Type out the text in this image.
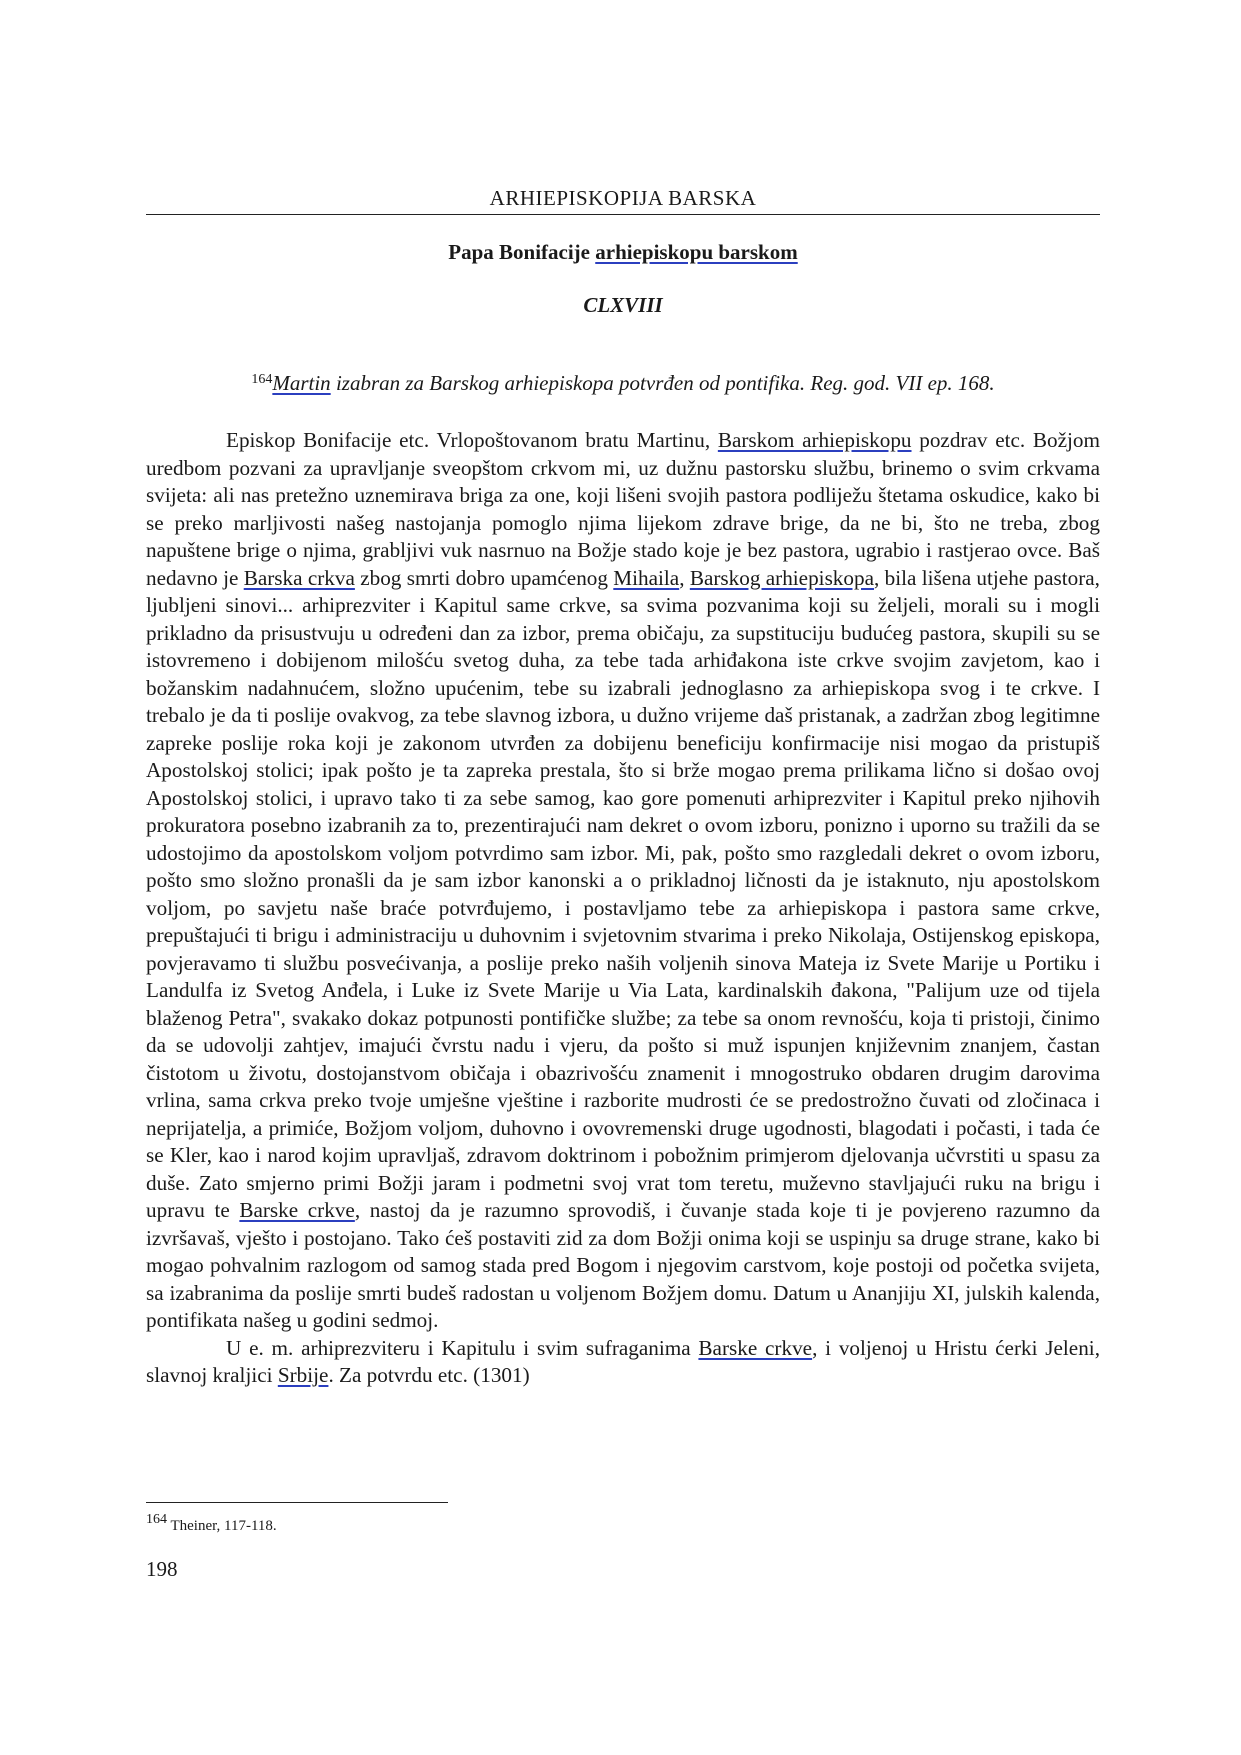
ARHIEPISKOPIJA BARSKA
Papa Bonifacije arhiepiskopu barskom
CLXVIII
$^{164}$Martin izabran za Barskog arhiepiskopa potvrđen od pontifika. Reg. god. VII ep. 168.

Episkop Bonifacije etc. Vrlopoštovanom bratu Martinu, Barskom arhiepiskopu pozdrav etc. Božjom uredbom pozvani za upravljanje sveopštom crkvom mi, uz dužnu pastorsku službu, brinemo o svim crkvama svijeta: ali nas pretežno uznemirava briga za one, koji lišeni svojih pastora podliježu štetama oskudice, kako bi se preko marljivosti našeg nastojanja pomoglo njima lijekom zdrave brige, da ne bi, što ne treba, zbog napuštene brige o njima, grabljivi vuk nasrnuo na Božje stado koje je bez pastora, ugrabio i rastjerao ovce. Baš nedavno je Barska crkva zbog smrti dobro upamćenog Mihaila, Barskog arhiepiskopa, bila lišena utjehe pastora, ljubljeni sinovi... arhiprezviter i Kapitul same crkve, sa svima pozvanima koji su željeli, morali su i mogli prikladno da prisustvuju u određeni dan za izbor, prema običaju, za supstituciju budućeg pastora, skupili su se istovremeno i dobijenom milošću svetog duha, za tebe tada arhiđakona iste crkve svojim zavjetom, kao i božanskim nadahnućem, složno upućenim, tebe su izabrali jednoglasno za arhiepiskopa svog i te crkve. I trebalo je da ti poslije ovakvog, za tebe slavnog izbora, u dužno vrijeme daš pristanak, a zadržan zbog legitimne zapreke poslije roka koji je zakonom utvrđen za dobijenu beneficiju konfirmacije nisi mogao da pristupiš Apostolskoj stolici; ipak pošto je ta zapreka prestala, što si brže mogao prema prilikama lično si došao ovoj Apostolskoj stolici, i upravo tako ti za sebe samog, kao gore pomenuti arhiprezviter i Kapitul preko njihovih prokuratora posebno izabranih za to, prezentirajući nam dekret o ovom izboru, ponizno i uporno su tražili da se udostojimo da apostolskom voljom potvrdimo sam izbor. Mi, pak, pošto smo razgledali dekret o ovom izboru, pošto smo složno pronašli da je sam izbor kanonski a o prikladnoj ličnosti da je istaknuto, nju apostolskom voljom, po savjetu naše braće potvrđujemo, i postavljamo tebe za arhiepiskopa i pastora same crkve, prepuštajući ti brigu i administraciju u duhovnim i svjetovnim stvarima i preko Nikolaja, Ostijenskog episkopa, povjeravamo ti službu posvećivanja, a poslije preko naših voljenih sinova Mateja iz Svete Marije u Portiku i Landulfa iz Svetog Anđela, i Luke iz Svete Marije u Via Lata, kardinalskih đakona, "Palijum uze od tijela blaženog Petra", svakako dokaz potpunosti pontifičke službe; za tebe sa onom revnošću, koja ti pristoji, činimo da se udovolji zahtjev, imajući čvrstu nadu i vjeru, da pošto si muž ispunjen književnim znanjem, častan čistotom u životu, dostojanstvom običaja i obazrivošću znamenit i mnogostruko obdaren drugim darovima vrlina, sama crkva preko tvoje umješne vještine i razborite mudrosti će se predostrožno čuvati od zločinaca i neprijatelja, a primiće, Božjom voljom, duhovno i ovovremenski druge ugodnosti, blagodati i počasti, i tada će se Kler, kao i narod kojim upravljaš, zdravom doktrinom i pobožnim primjerom djelovanja učvrstiti u spasu za duše. Zato smjerno primi Božji jaram i podmetni svoj vrat tom teretu, muževno stavljajući ruku na brigu i upravu te Barske crkve, nastoj da je razumno sprovodiš, i čuvanje stada koje ti je povjereno razumno da izvršavaš, vješto i postojano. Tako ćeš postaviti zid za dom Božji onima koji se uspinju sa druge strane, kako bi mogao pohvalnim razlogom od samog stada pred Bogom i njegovim carstvom, koje postoji od početka svijeta, sa izabranima da poslije smrti budeš radostan u voljenom Božjem domu. Datum u Ananjiju XI, julskih kalenda, pontifikata našeg u godini sedmoj.

U e. m. arhiprezviteru i Kapitulu i svim sufraganima Barske crkve, i voljenoj u Hristu ćerki Jeleni, slavnoj kraljici Srbije. Za potvrdu etc. (1301)

$^{164}$ Theiner, 117-118.
198
